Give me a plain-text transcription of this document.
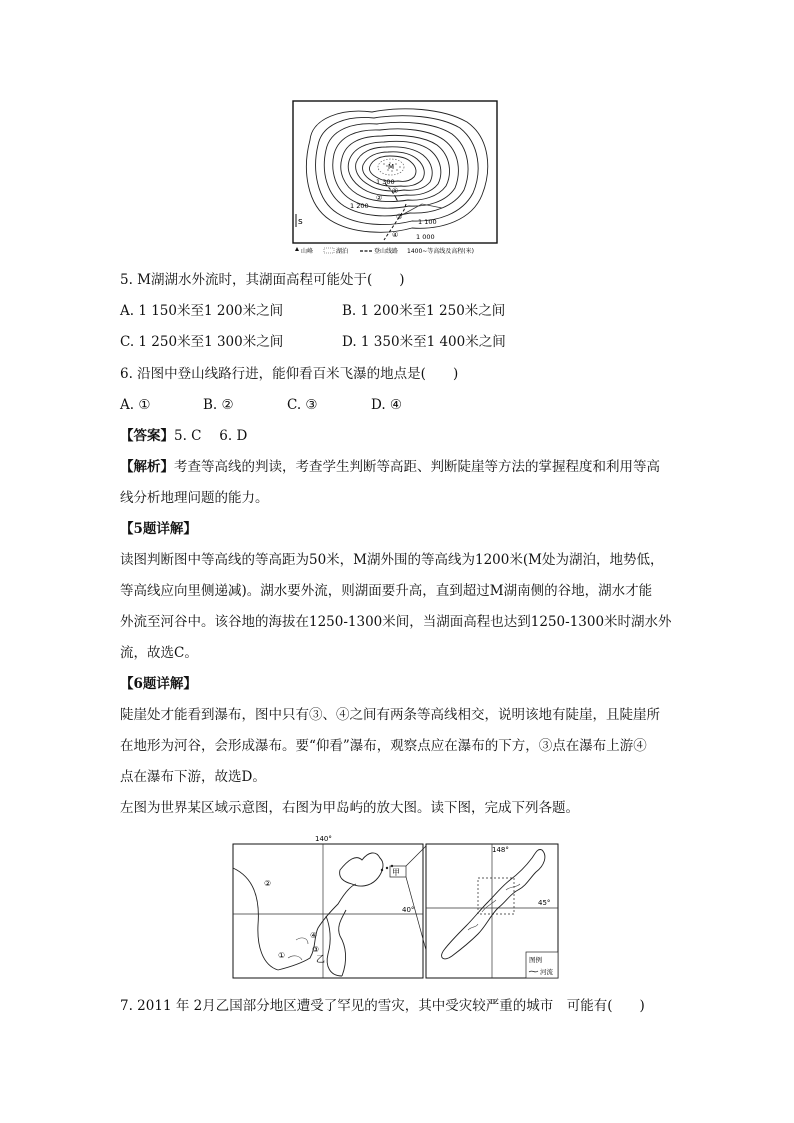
M
1 300
1 200
1 100
1 000
s
①
②
③
④
山峰	湖泊	登山线路 1400~等高线及高程(米)
5. M湖湖水外流时，其湖面高程可能处于(　　)
A. 1 150米至1 200米之间	B. 1 200米至1 250米之间
C. 1 250米至1 300米之间	D. 1 350米至1 400米之间
6. 沿图中登山线路行进，能仰看百米飞瀑的地点是(　　)
A. ①	B. ②	C. ③	D. ④
【答案】5. C　 6. D
【解析】考查等高线的判读，考查学生判断等高距、判断陡崖等方法的掌握程度和利用等高
线分析地理问题的能力。
【5题详解】
读图判断图中等高线的等高距为50米，M湖外围的等高线为1200米(M处为湖泊，地势低，
等高线应向里侧递减)。湖水要外流，则湖面要升高，直到超过M湖南侧的谷地，湖水才能
外流至河谷中。该谷地的海拔在1250-1300米间，当湖面高程也达到1250-1300米时湖水外
流，故选C。
【6题详解】
陡崖处才能看到瀑布，图中只有③、④之间有两条等高线相交，说明该地有陡崖，且陡崖所
在地形为河谷，会形成瀑布。要“仰看”瀑布，观察点应在瀑布的下方，③点在瀑布上游④
点在瀑布下游，故选D。
左图为世界某区域示意图，右图为甲岛屿的放大图。读下图，完成下列各题。
140°
40°
甲
乙
②
①
④
③
148°
45°
图例
河流
7. 2011 年 2月乙国部分地区遭受了罕见的雪灾，其中受灾较严重的城市　可能有(　　)
